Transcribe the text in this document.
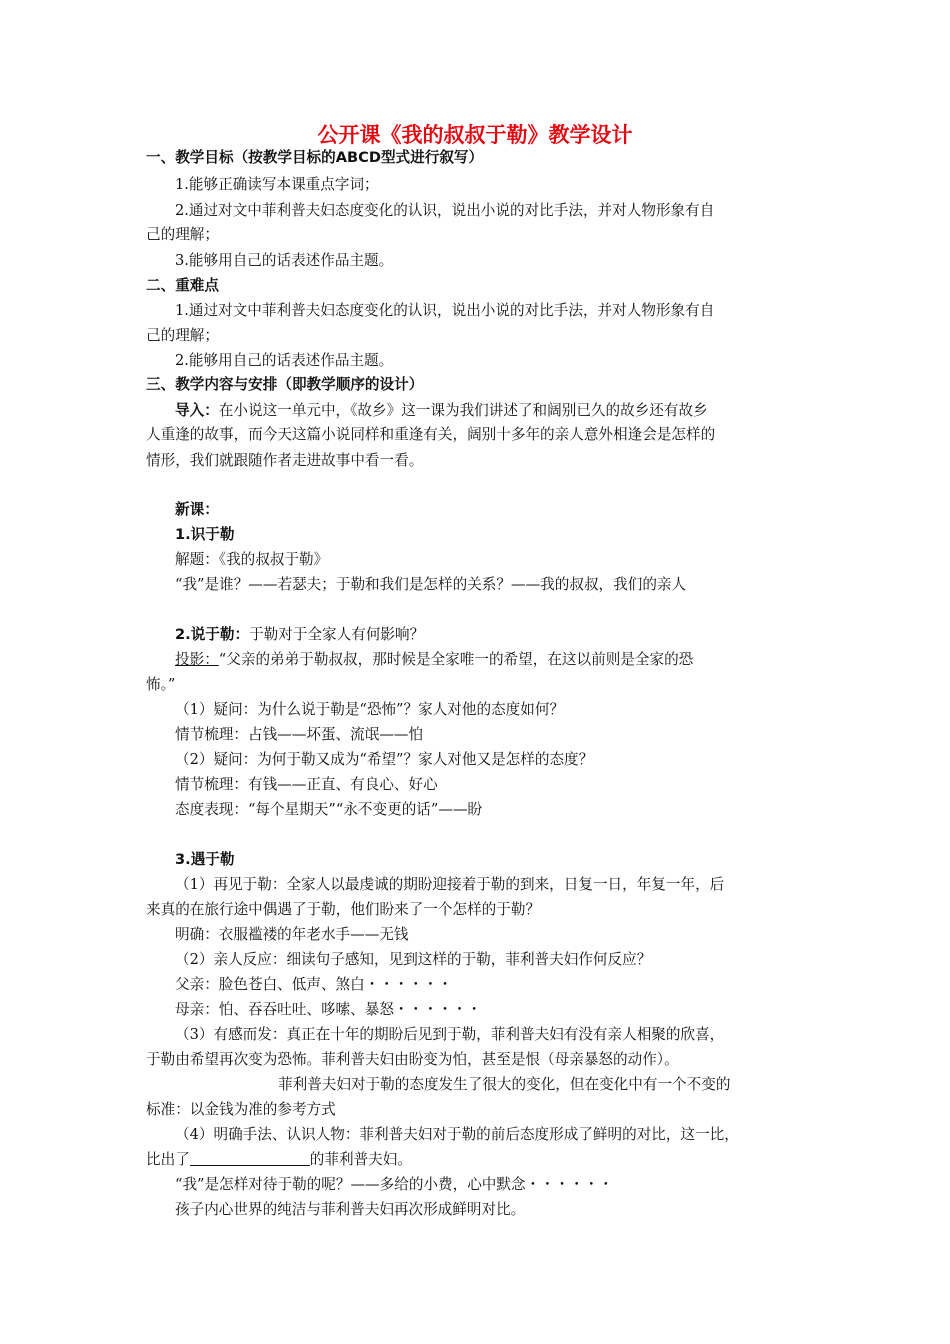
公开课《我的叔叔于勒》教学设计
一、教学目标（按教学目标的ABCD型式进行叙写）
1.能够正确读写本课重点字词；
2.通过对文中菲利普夫妇态度变化的认识，说出小说的对比手法，并对人物形象有自
己的理解；
3.能够用自己的话表述作品主题。
二、重难点
1.通过对文中菲利普夫妇态度变化的认识，说出小说的对比手法，并对人物形象有自
己的理解；
2.能够用自己的话表述作品主题。
三、教学内容与安排（即教学顺序的设计）
导入：在小说这一单元中，《故乡》这一课为我们讲述了和阔别已久的故乡还有故乡
人重逢的故事，而今天这篇小说同样和重逢有关，阔别十多年的亲人意外相逢会是怎样的
情形，我们就跟随作者走进故事中看一看。
新课：
1.识于勒
解题：《我的叔叔于勒》
“我”是谁？——若瑟夫；于勒和我们是怎样的关系？——我的叔叔，我们的亲人
2.说于勒：于勒对于全家人有何影响？
投影：“父亲的弟弟于勒叔叔，那时候是全家唯一的希望，在这以前则是全家的恐
怖。”
（1）疑问：为什么说于勒是“恐怖”？家人对他的态度如何？
情节梳理：占钱——坏蛋、流氓——怕
（2）疑问：为何于勒又成为“希望”？家人对他又是怎样的态度？
情节梳理：有钱——正直、有良心、好心
态度表现：“每个星期天”“永不变更的话”——盼
3.遇于勒
（1）再见于勒：全家人以最虔诚的期盼迎接着于勒的到来，日复一日，年复一年，后
来真的在旅行途中偶遇了于勒，他们盼来了一个怎样的于勒？
明确：衣服褴褛的年老水手——无钱
（2）亲人反应：细读句子感知，见到这样的于勒，菲利普夫妇作何反应？
父亲：脸色苍白、低声、煞白・・・・・・
母亲：怕、吞吞吐吐、哆嗦、暴怒・・・・・・
（3）有感而发：真正在十年的期盼后见到于勒，菲利普夫妇有没有亲人相聚的欣喜，
于勒由希望再次变为恐怖。菲利普夫妇由盼变为怕，甚至是恨（母亲暴怒的动作）。
菲利普夫妇对于勒的态度发生了很大的变化，但在变化中有一个不变的
标准：以金钱为准的参考方式
（4）明确手法、认识人物：菲利普夫妇对于勒的前后态度形成了鲜明的对比，这一比，
比出了	的菲利普夫妇。
“我”是怎样对待于勒的呢？——多给的小费，心中默念・・・・・・
孩子内心世界的纯洁与菲利普夫妇再次形成鲜明对比。
